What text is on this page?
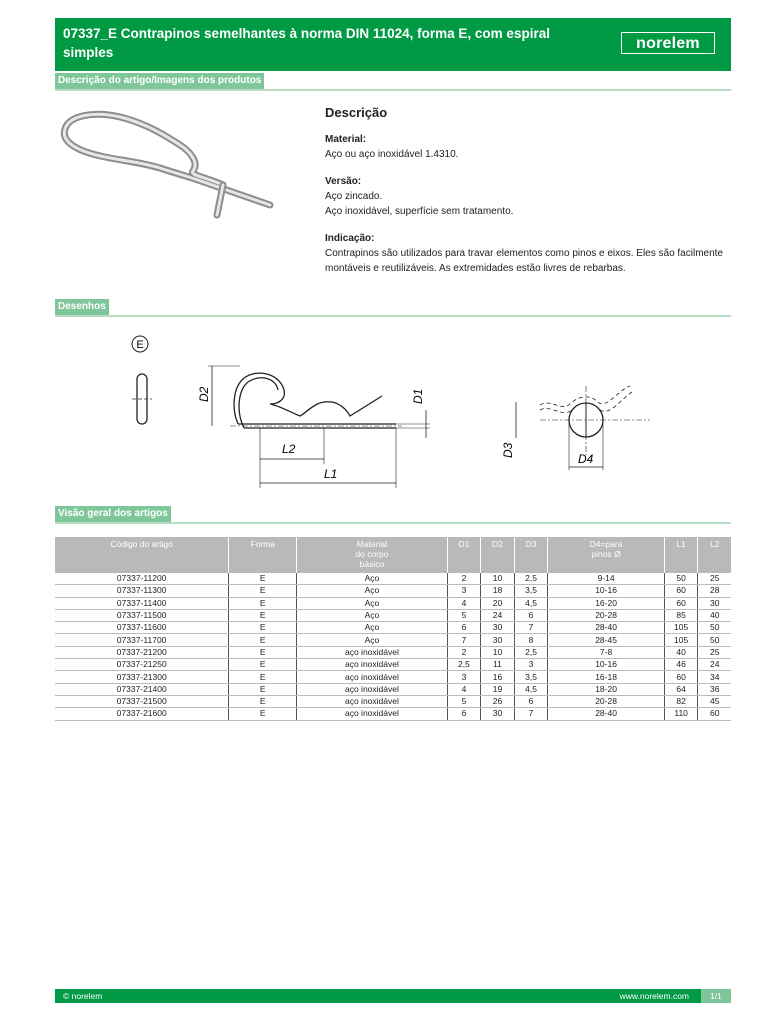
07337_E Contrapinos semelhantes à norma DIN 11024, forma E, com espiral simples
norelem
Descrição do artigo/Imagens dos produtos
Descrição

Material:

Aço ou aço inoxidável 1.4310.

Versão:

Aço zincado.

Aço inoxidável, superfície sem tratamento.

Indicação:

Contrapinos são utilizados para travar elementos como pinos e eixos. Eles são facilmente montáveis e reutilizáveis. As extremidades estão livres de rebarbas.

Desenhos
E
D2	D1
L2
L1
D3
D4
Visão geral dos artigos
Código do artigo	Forma	Material
do corpo
básico	D1	D2	D3	D4=para
pinos Ø	L1	L2
07337-11200	E	Aço	2	10	2,5	9-14	50	25
07337-11300	E	Aço	3	18	3,5	10-16	60	28
07337-11400	E	Aço	4	20	4,5	16-20	60	30
07337-11500	E	Aço	5	24	6	20-28	85	40
07337-11600	E	Aço	6	30	7	28-40	105	50
07337-11700	E	Aço	7	30	8	28-45	105	50
07337-21200	E	aço inoxidável	2	10	2,5	7-8	40	25
07337-21250	E	aço inoxidável	2,5	11	3	10-16	46	24
07337-21300	E	aço inoxidável	3	16	3,5	16-18	60	34
07337-21400	E	aço inoxidável	4	19	4,5	18-20	64	36
07337-21500	E	aço inoxidável	5	26	6	20-28	82	45
07337-21600	E	aço inoxidável	6	30	7	28-40	110	60
© norelem	www.norelem.com	1/1
